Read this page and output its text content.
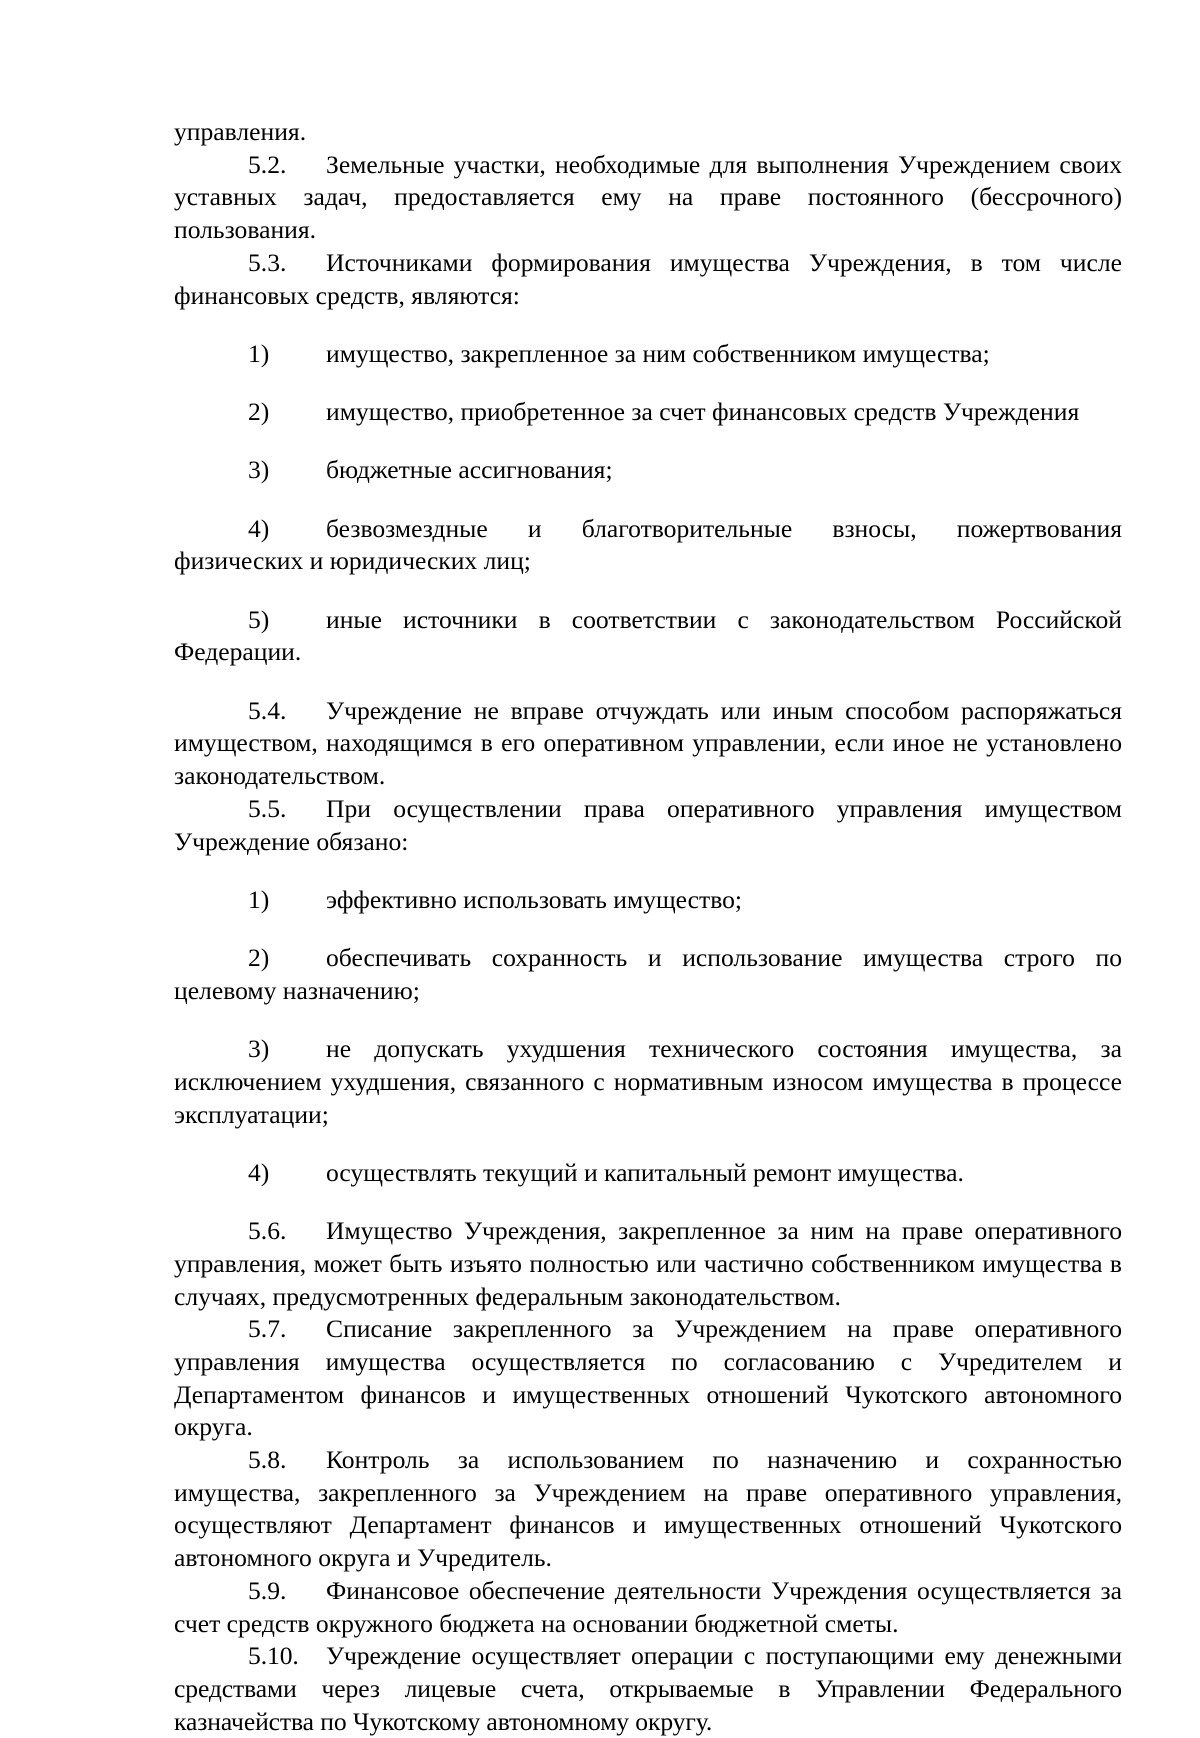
управления.

5.2. Земельные участки, необходимые для выполнения Учреждением своих уставных задач, предоставляется ему на праве постоянного (бессрочного) пользования.

5.3. Источниками формирования имущества Учреждения, в том числе финансовых средств, являются:

1) имущество, закрепленное за ним собственником имущества;

2) имущество, приобретенное за счет финансовых средств Учреждения

3) бюджетные ассигнования;

4) безвозмездные и благотворительные взносы, пожертвования физических и юридических лиц;

5) иные источники в соответствии с законодательством Российской Федерации.

5.4. Учреждение не вправе отчуждать или иным способом распоряжаться имуществом, находящимся в его оперативном управлении, если иное не установлено законодательством.

5.5. При осуществлении права оперативного управления имуществом Учреждение обязано:

1) эффективно использовать имущество;

2) обеспечивать сохранность и использование имущества строго по целевому назначению;

3) не допускать ухудшения технического состояния имущества, за исключением ухудшения, связанного с нормативным износом имущества в процессе эксплуатации;

4) осуществлять текущий и капитальный ремонт имущества.

5.6. Имущество Учреждения, закрепленное за ним на праве оперативного управления, может быть изъято полностью или частично собственником имущества в случаях, предусмотренных федеральным законодательством.

5.7. Списание закрепленного за Учреждением на праве оперативного управления имущества осуществляется по согласованию с Учредителем и Департаментом финансов и имущественных отношений Чукотского автономного округа.

5.8. Контроль за использованием по назначению и сохранностью имущества, закрепленного за Учреждением на праве оперативного управления, осуществляют Департамент финансов и имущественных отношений Чукотского автономного округа и Учредитель.

5.9. Финансовое обеспечение деятельности Учреждения осуществляется за счет средств окружного бюджета на основании бюджетной сметы.

5.10. Учреждение осуществляет операции с поступающими ему денежными средствами через лицевые счета, открываемые в Управлении Федерального казначейства по Чукотскому автономному округу.
